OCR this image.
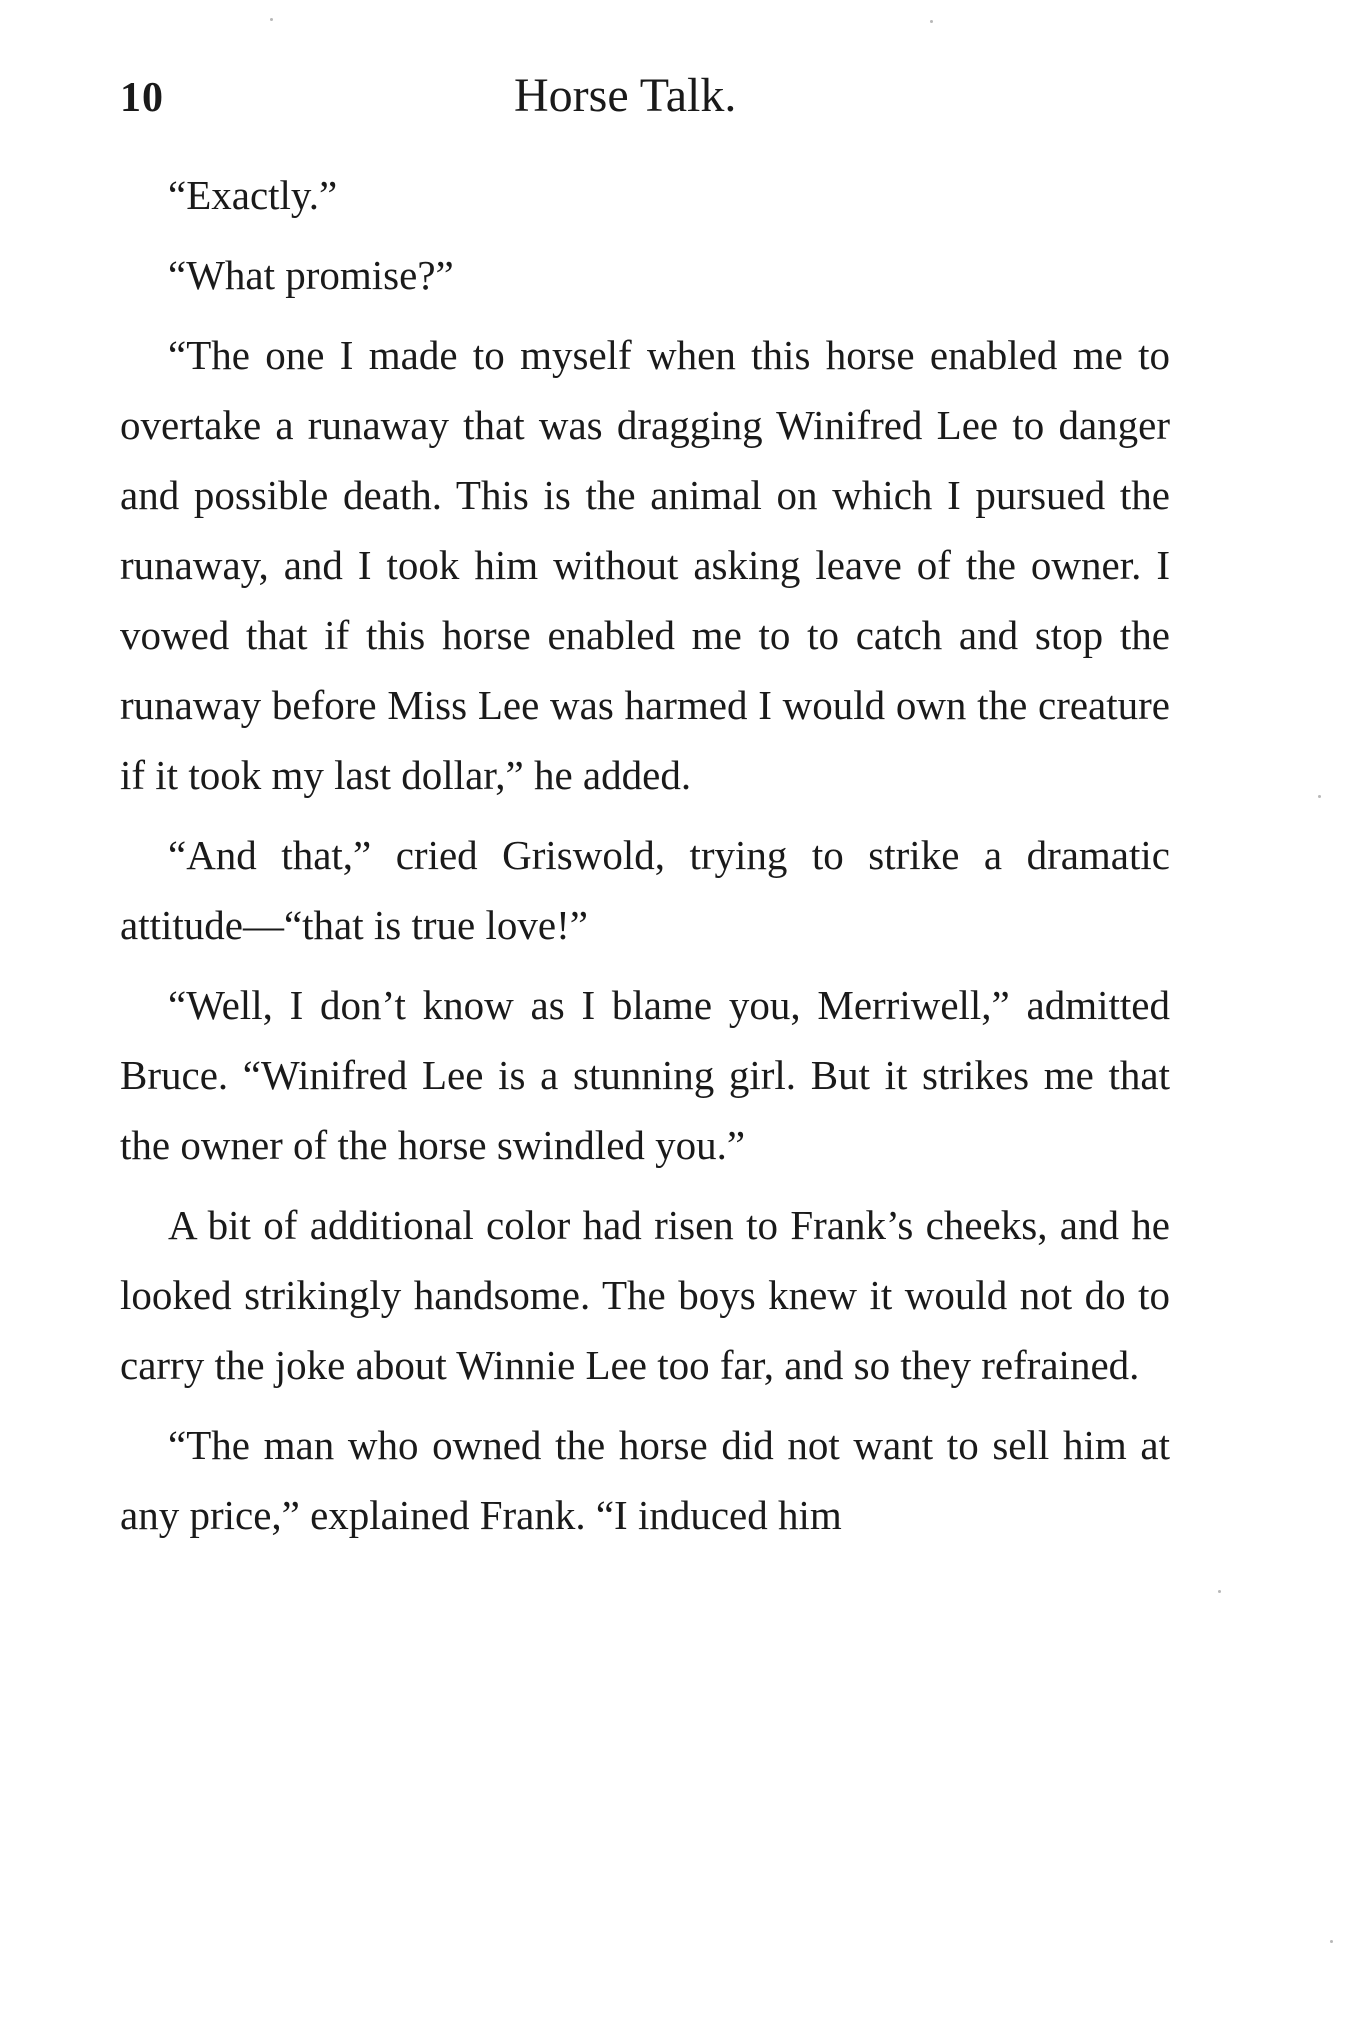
10	Horse Talk.

“Exactly.”

“What promise?”

“The one I made to myself when this horse enabled me to overtake a runaway that was dragging Winifred Lee to danger and possible death. This is the animal on which I pursued the runaway, and I took him without asking leave of the owner. I vowed that if this horse enabled me to to catch and stop the runaway before Miss Lee was harmed I would own the creature if it took my last dollar,” he added.

“And that,” cried Griswold, trying to strike a dramatic attitude—“that is true love!”

“Well, I don’t know as I blame you, Merriwell,” admitted Bruce. “Winifred Lee is a stunning girl. But it strikes me that the owner of the horse swindled you.”

A bit of additional color had risen to Frank’s cheeks, and he looked strikingly handsome. The boys knew it would not do to carry the joke about Winnie Lee too far, and so they refrained.

“The man who owned the horse did not want to sell him at any price,” explained Frank. “I induced him
